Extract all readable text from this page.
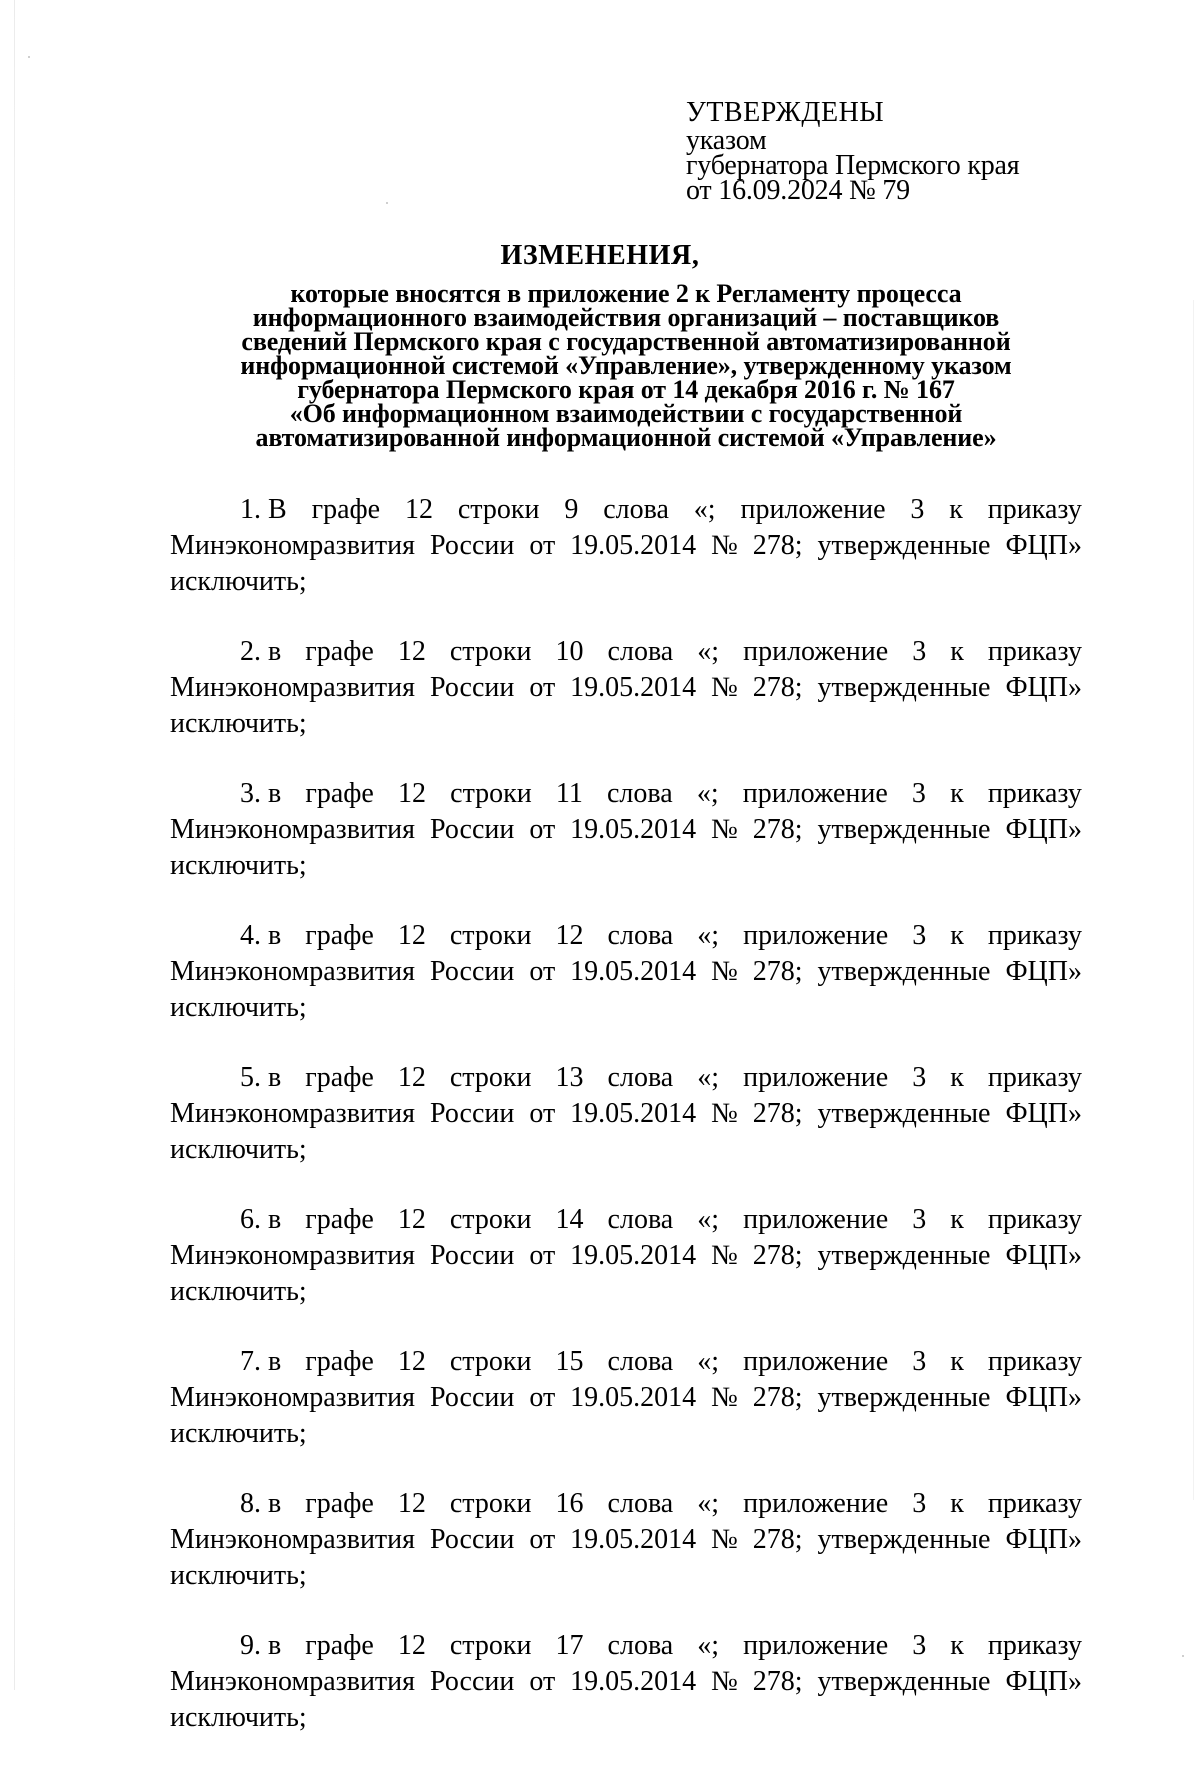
УТВЕРЖДЕНЫ
указом
губернатора Пермского края
от 16.09.2024 № 79
ИЗМЕНЕНИЯ,
которые вносятся в приложение 2 к Регламенту процесса
информационного взаимодействия организаций – поставщиков
сведений Пермского края с государственной автоматизированной
информационной системой «Управление», утвержденному указом
губернатора Пермского края от 14 декабря 2016 г. № 167
«Об информационном взаимодействии с государственной
автоматизированной информационной системой «Управление»
1. В графе 12 строки 9 слова «; приложение 3 к приказу
Минэкономразвития России от 19.05.2014 № 278; утвержденные ФЦП»
исключить;
2. в графе 12 строки 10 слова «; приложение 3 к приказу
Минэкономразвития России от 19.05.2014 № 278; утвержденные ФЦП»
исключить;
3. в графе 12 строки 11 слова «; приложение 3 к приказу
Минэкономразвития России от 19.05.2014 № 278; утвержденные ФЦП»
исключить;
4. в графе 12 строки 12 слова «; приложение 3 к приказу
Минэкономразвития России от 19.05.2014 № 278; утвержденные ФЦП»
исключить;
5. в графе 12 строки 13 слова «; приложение 3 к приказу
Минэкономразвития России от 19.05.2014 № 278; утвержденные ФЦП»
исключить;
6. в графе 12 строки 14 слова «; приложение 3 к приказу
Минэкономразвития России от 19.05.2014 № 278; утвержденные ФЦП»
исключить;
7. в графе 12 строки 15 слова «; приложение 3 к приказу
Минэкономразвития России от 19.05.2014 № 278; утвержденные ФЦП»
исключить;
8. в графе 12 строки 16 слова «; приложение 3 к приказу
Минэкономразвития России от 19.05.2014 № 278; утвержденные ФЦП»
исключить;
9. в графе 12 строки 17 слова «; приложение 3 к приказу
Минэкономразвития России от 19.05.2014 № 278; утвержденные ФЦП»
исключить;
